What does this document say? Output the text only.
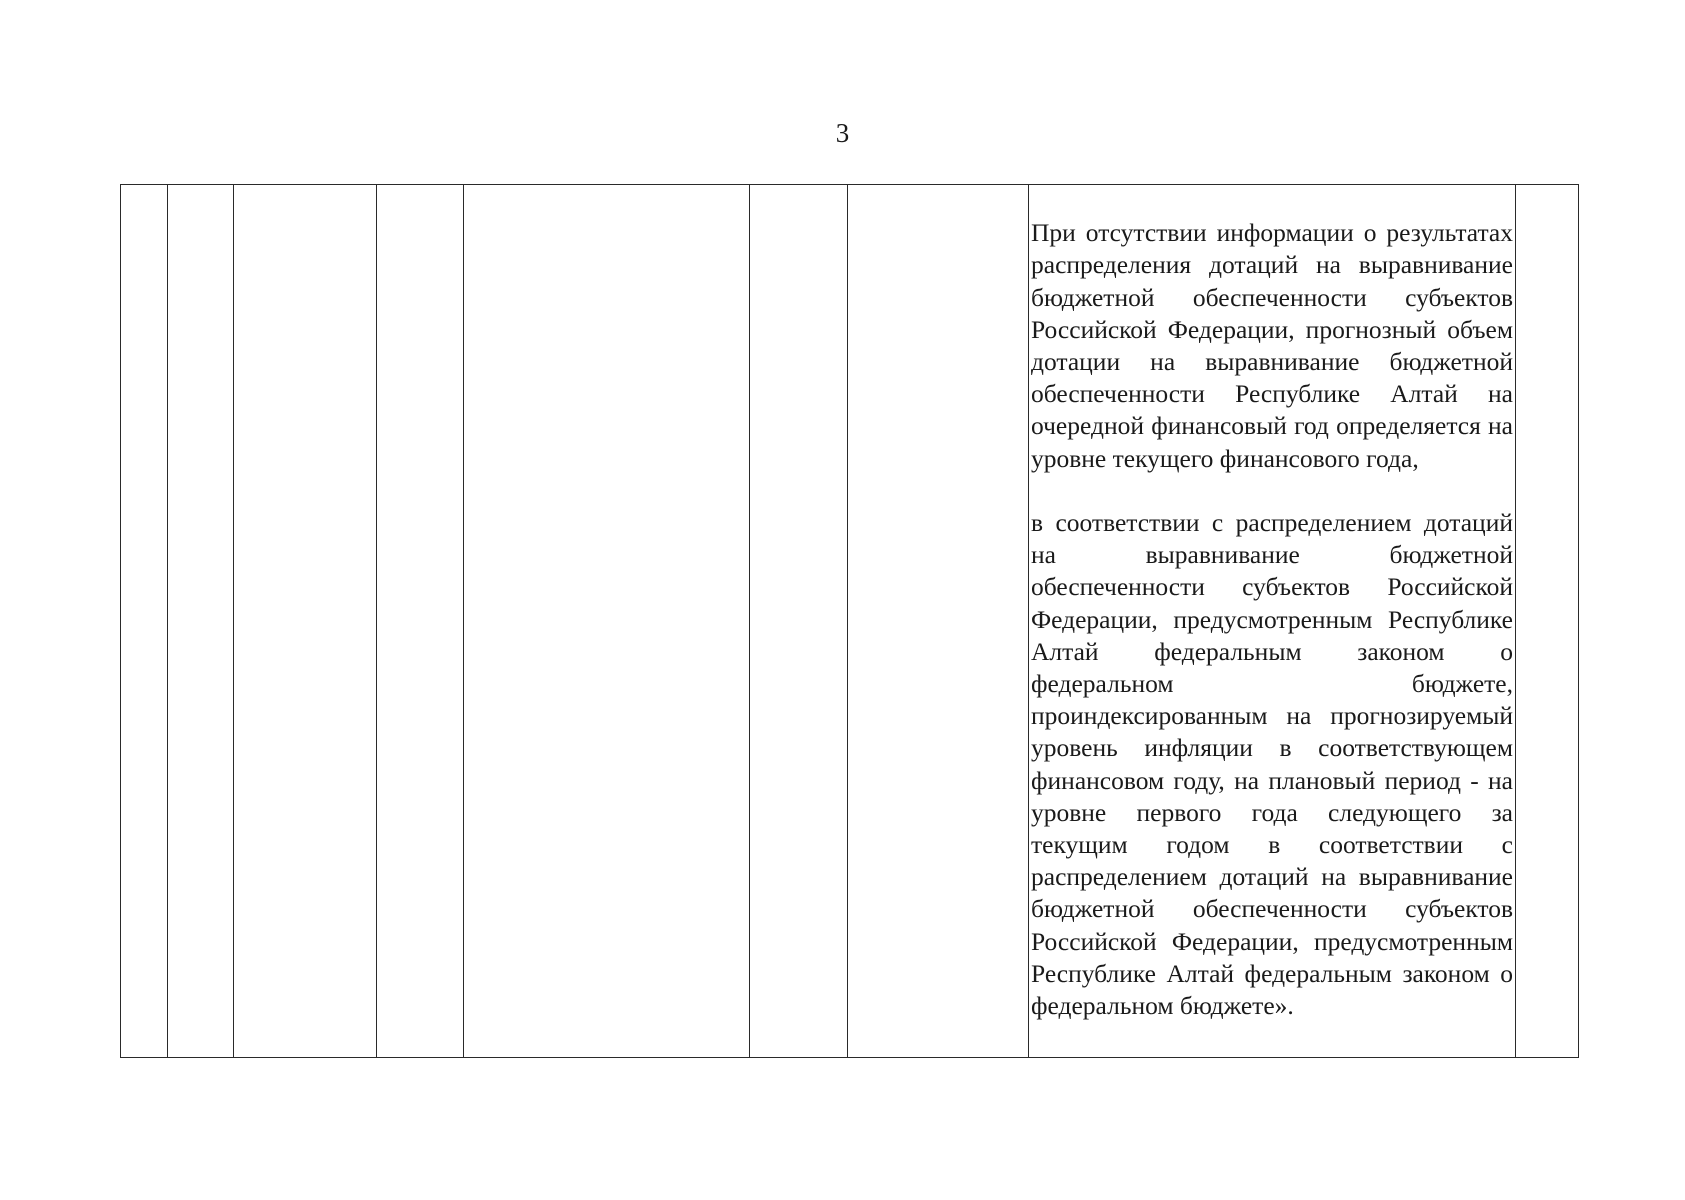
3

При отсутствии информации о результатах распределения дотаций на выравнивание бюджетной обеспеченности субъектов Российской Федерации, прогнозный объем дотации на выравнивание бюджетной обеспеченности Республике Алтай на очередной финансовый год определяется на уровне текущего финансового года,

в соответствии с распределением дотаций на выравнивание бюджетной обеспеченности субъектов Российской Федерации, предусмотренным Республике Алтай федеральным законом о федеральном бюджете, проиндексированным на прогнозируемый уровень инфляции в соответствующем финансовом году, на плановый период - на уровне первого года следующего за текущим годом в соответствии с распределением дотаций на выравнивание бюджетной обеспеченности субъектов Российской Федерации, предусмотренным Республике Алтай федеральным законом о федеральном бюджете».
